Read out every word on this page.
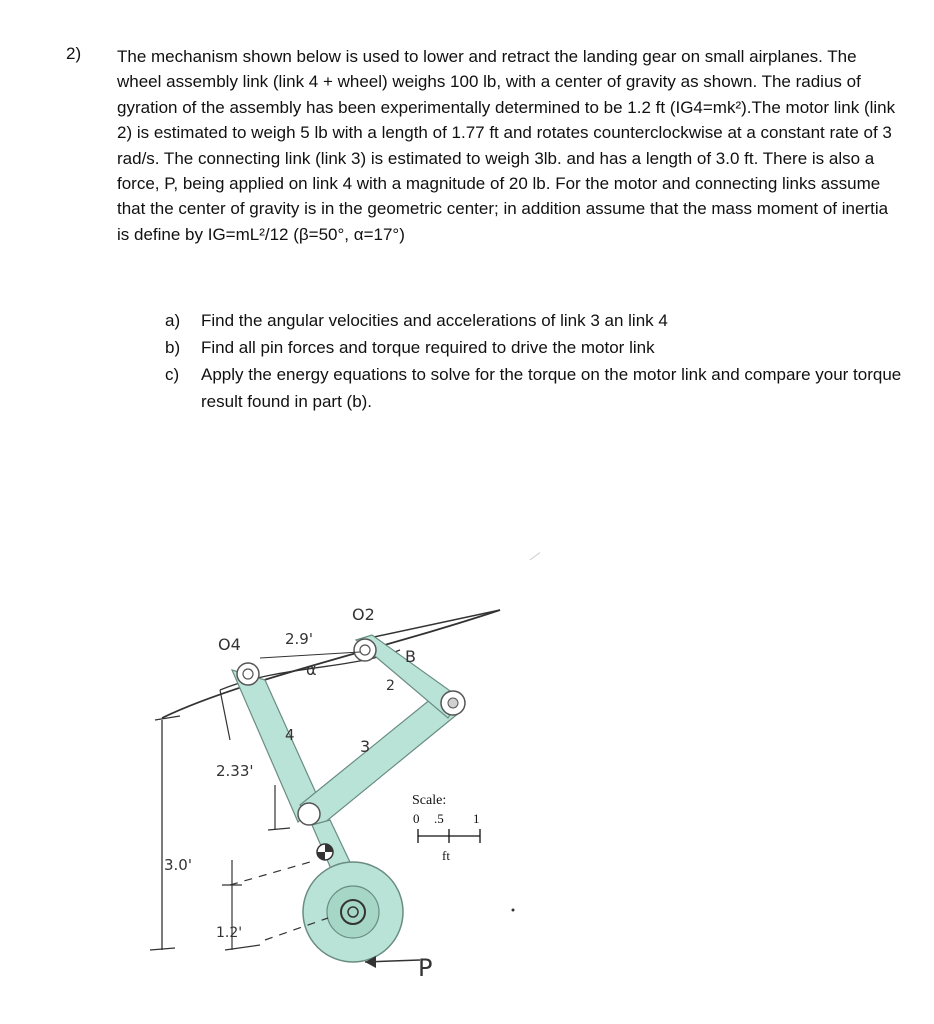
2) The mechanism shown below is used to lower and retract the landing gear on small airplanes. The wheel assembly link (link 4 + wheel) weighs 100 lb, with a center of gravity as shown. The radius of gyration of the assembly has been experimentally determined to be 1.2 ft (IG4=mk²).The motor link (link 2) is estimated to weigh 5 lb with a length of 1.77 ft and rotates counterclockwise at a constant rate of 3 rad/s. The connecting link (link 3) is estimated to weigh 3lb. and has a length of 3.0 ft. There is also a force, P, being applied on link 4 with a magnitude of 20 lb. For the motor and connecting links assume that the center of gravity is in the geometric center; in addition assume that the mass moment of inertia is define by IG=mL²/12 (β=50°, α=17°)

a) Find the angular velocities and accelerations of link 3 an link 4
b) Find all pin forces and torque required to drive the motor link
c) Apply the energy equations to solve for the torque on the motor link and compare your torque result found in part (b).
O4
O2
2.9'
α
B
2
3
4
2.33'
3.0'
1.2'
P
Scale:
0 .5 1
ft
